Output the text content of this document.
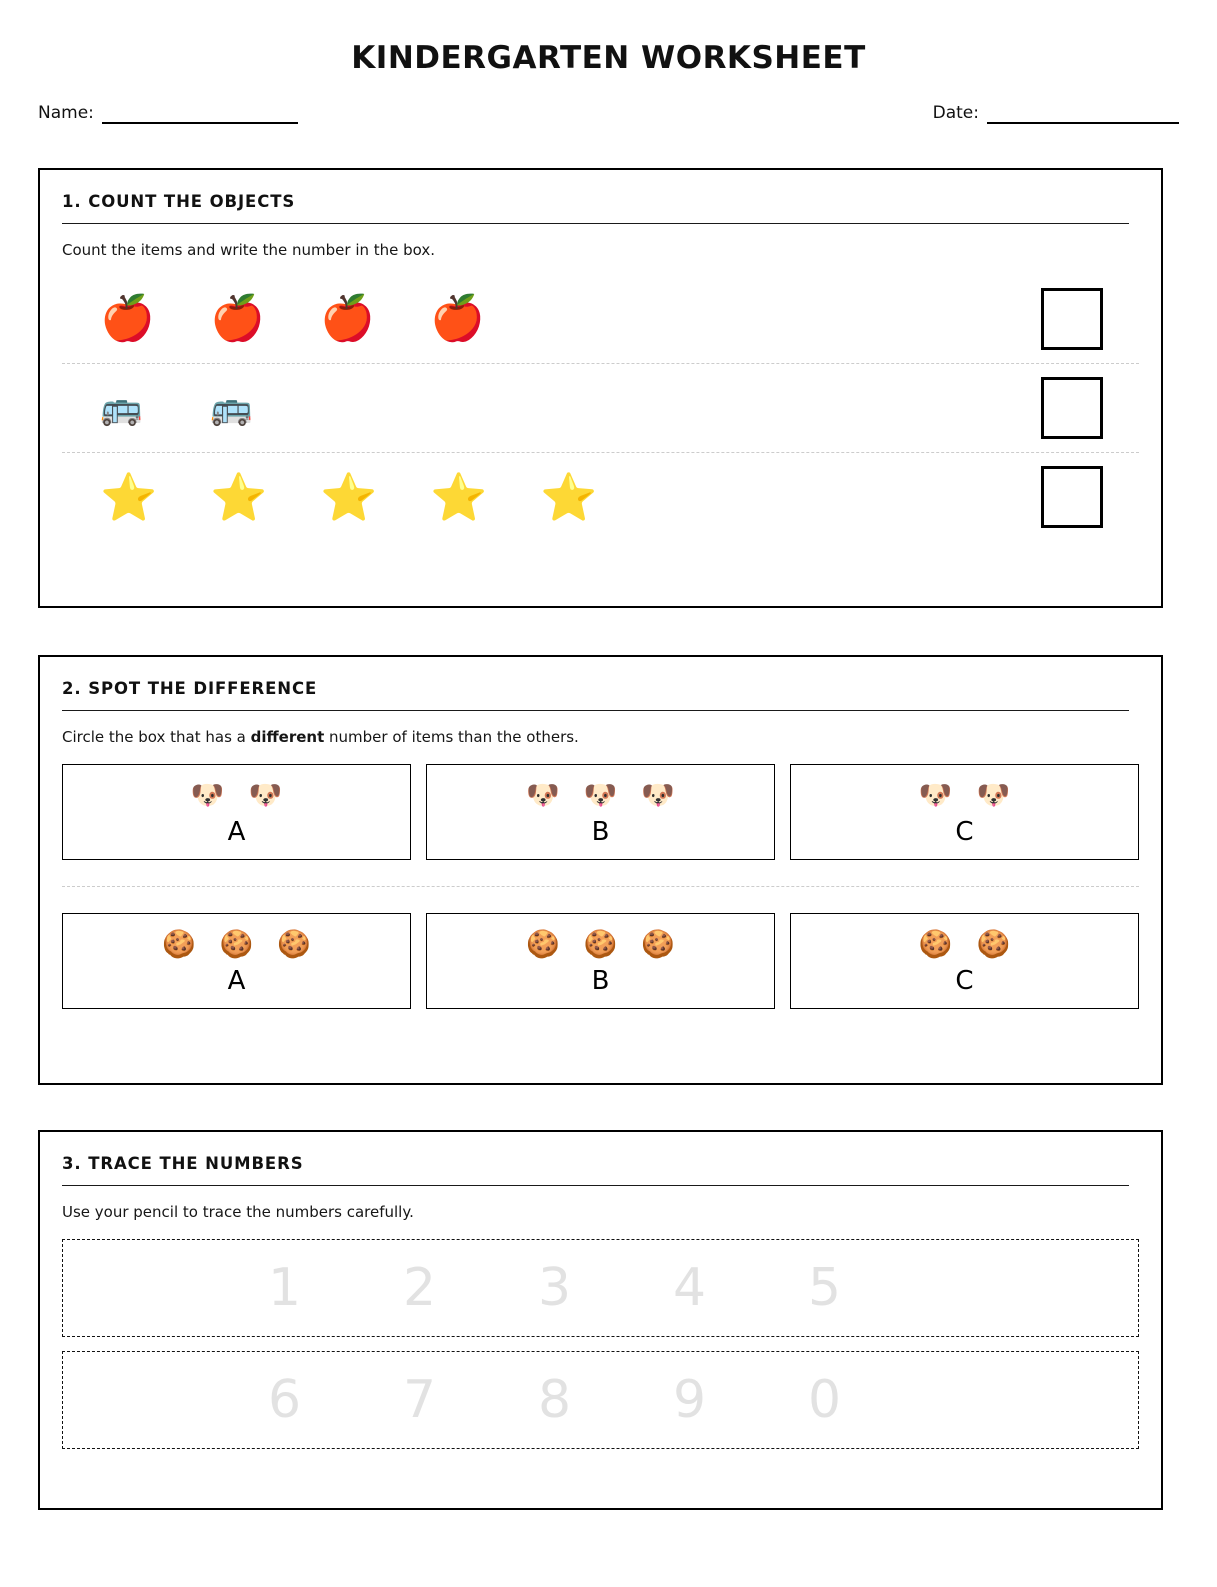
KINDERGARTEN WORKSHEET
Name:	Date:
1. COUNT THE OBJECTS
Count the items and write the number in the box.
🍎 🍎 🍎 🍎
🚌 🚌
⭐ ⭐ ⭐ ⭐ ⭐
2. SPOT THE DIFFERENCE
Circle the box that has a different number of items than the others.
🐶 🐶
A
🐶 🐶 🐶
B
🐶 🐶
C
🍪 🍪 🍪
A
🍪 🍪 🍪
B
🍪 🍪
C
3. TRACE THE NUMBERS
Use your pencil to trace the numbers carefully.
1	2	3	4	5
6	7	8	9	0
